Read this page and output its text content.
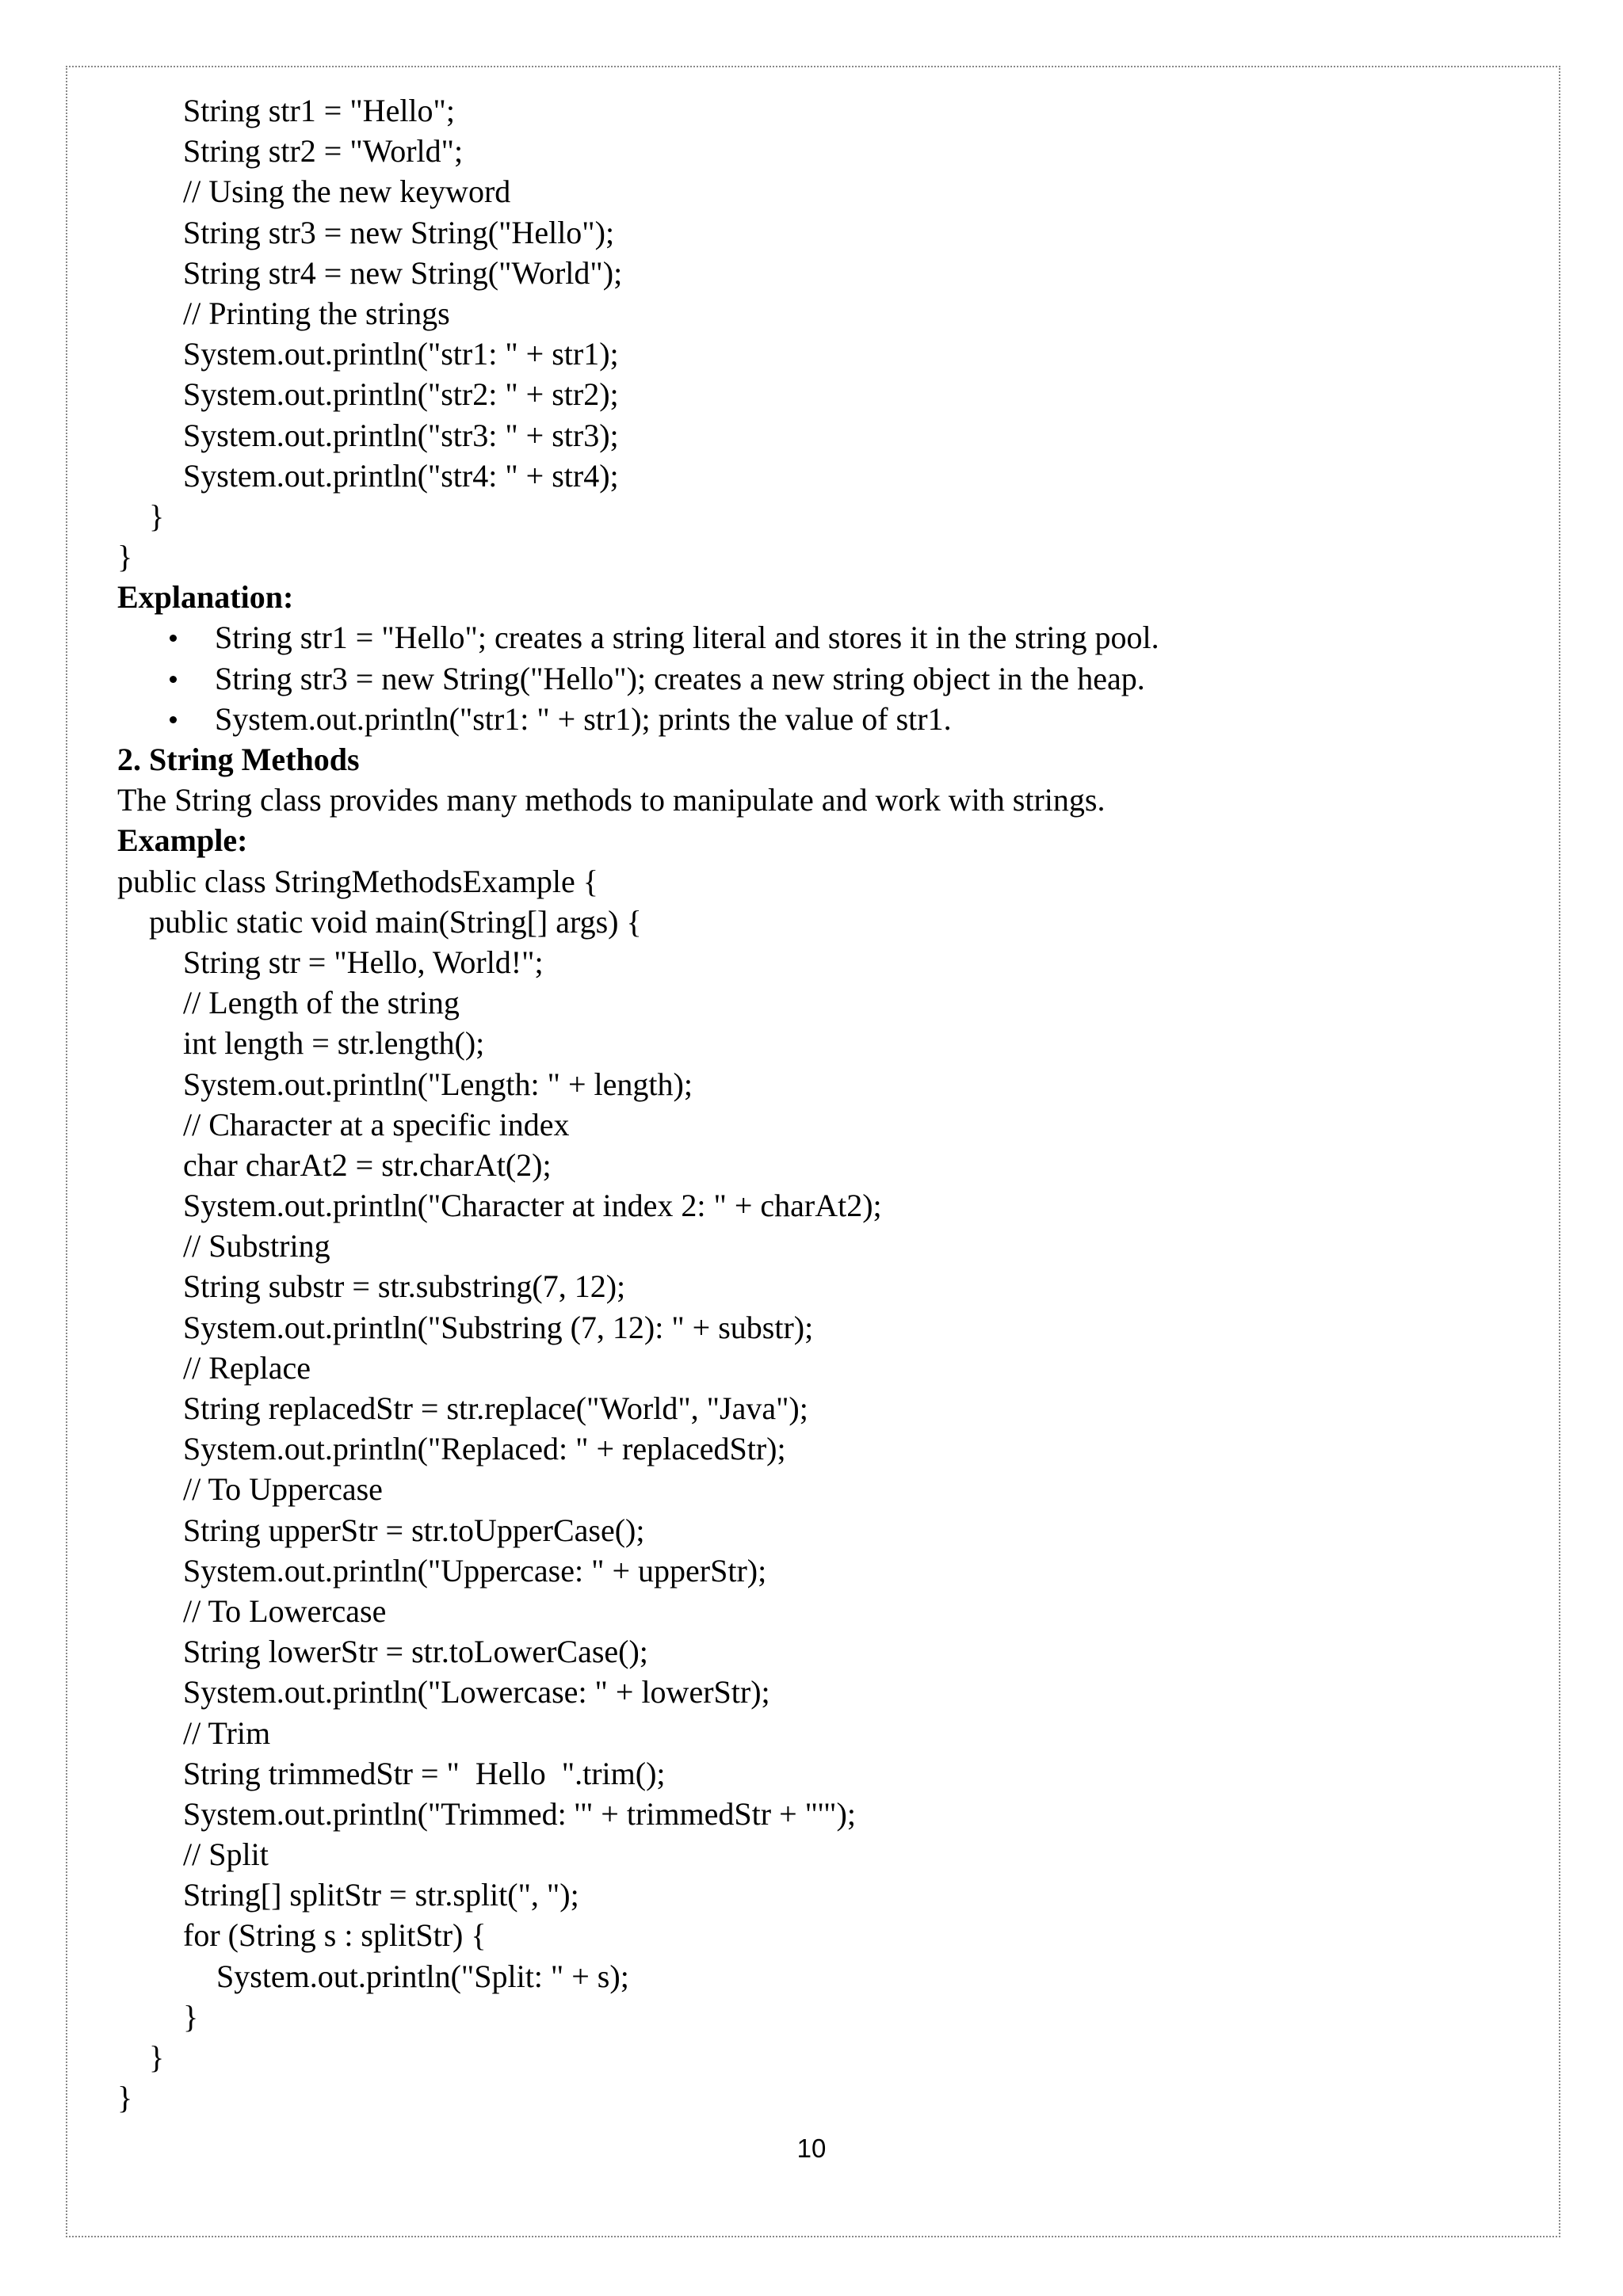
String str1 = "Hello";
String str2 = "World";
// Using the new keyword
String str3 = new String("Hello");
String str4 = new String("World");
// Printing the strings
System.out.println("str1: " + str1);
System.out.println("str2: " + str2);
System.out.println("str3: " + str3);
System.out.println("str4: " + str4);
}
}
Explanation:
String str1 = "Hello"; creates a string literal and stores it in the string pool.
String str3 = new String("Hello"); creates a new string object in the heap.
System.out.println("str1: " + str1); prints the value of str1.
2. String Methods
The String class provides many methods to manipulate and work with strings.
Example:
public class StringMethodsExample {
public static void main(String[] args) {
String str = "Hello, World!";
// Length of the string
int length = str.length();
System.out.println("Length: " + length);
// Character at a specific index
char charAt2 = str.charAt(2);
System.out.println("Character at index 2: " + charAt2);
// Substring
String substr = str.substring(7, 12);
System.out.println("Substring (7, 12): " + substr);
// Replace
String replacedStr = str.replace("World", "Java");
System.out.println("Replaced: " + replacedStr);
// To Uppercase
String upperStr = str.toUpperCase();
System.out.println("Uppercase: " + upperStr);
// To Lowercase
String lowerStr = str.toLowerCase();
System.out.println("Lowercase: " + lowerStr);
// Trim
String trimmedStr = "  Hello  ".trim();
System.out.println("Trimmed: '" + trimmedStr + "'");
// Split
String[] splitStr = str.split(", ");
for (String s : splitStr) {
System.out.println("Split: " + s);
}
}
}
10
